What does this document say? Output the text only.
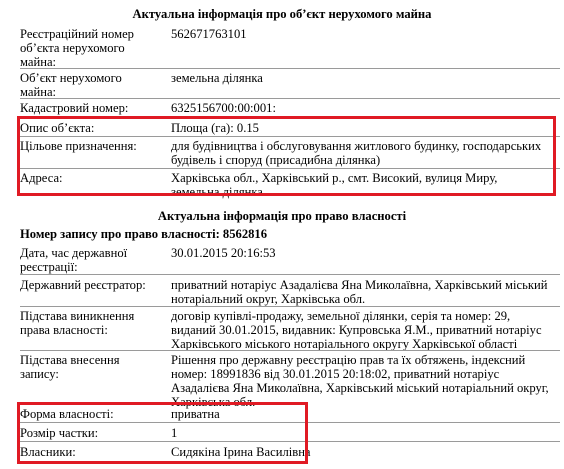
Актуальна інформація про об’єкт нерухомого майна
Реєстраційний номер об’єкта нерухомого майна:
562671763101
Об’єкт нерухомого майна:
земельна ділянка
Кадастровий номер:	6325156700:00:001:
Опис об’єкта:	Площа (га): 0.15
Цільове призначення:	для будівництва і обслуговування житлового будинку, господарських будівель і споруд (присадибна ділянка)
Адреса:	Харківська обл., Харківський р., смт. Високий, вулиця Миру, земельна ділянка
Актуальна інформація про право власності
Номер запису про право власності: 8562816
Дата, час державної реєстрації:
30.01.2015 20:16:53
Державний реєстратор:	приватний нотаріус Азадалієва Яна Миколаївна, Харківський міський нотаріальний округ, Харківська обл.
Підстава виникнення права власності:
договір купівлі-продажу, земельної ділянки, серія та номер: 29, виданий 30.01.2015, видавник: Купровська Я.М., приватний нотаріус Харківського міського нотаріального округу Харківської області
Підстава внесення запису:
Рішення про державну реєстрацію прав та їх обтяжень, індексний номер: 18991836 від 30.01.2015 20:18:02, приватний нотаріус Азадалієва Яна Миколаївна, Харківський міський нотаріальний округ, Харківська обл.
Форма власності:	приватна
Розмір частки:	1
Власники:	Сидякіна Ірина Василівна
